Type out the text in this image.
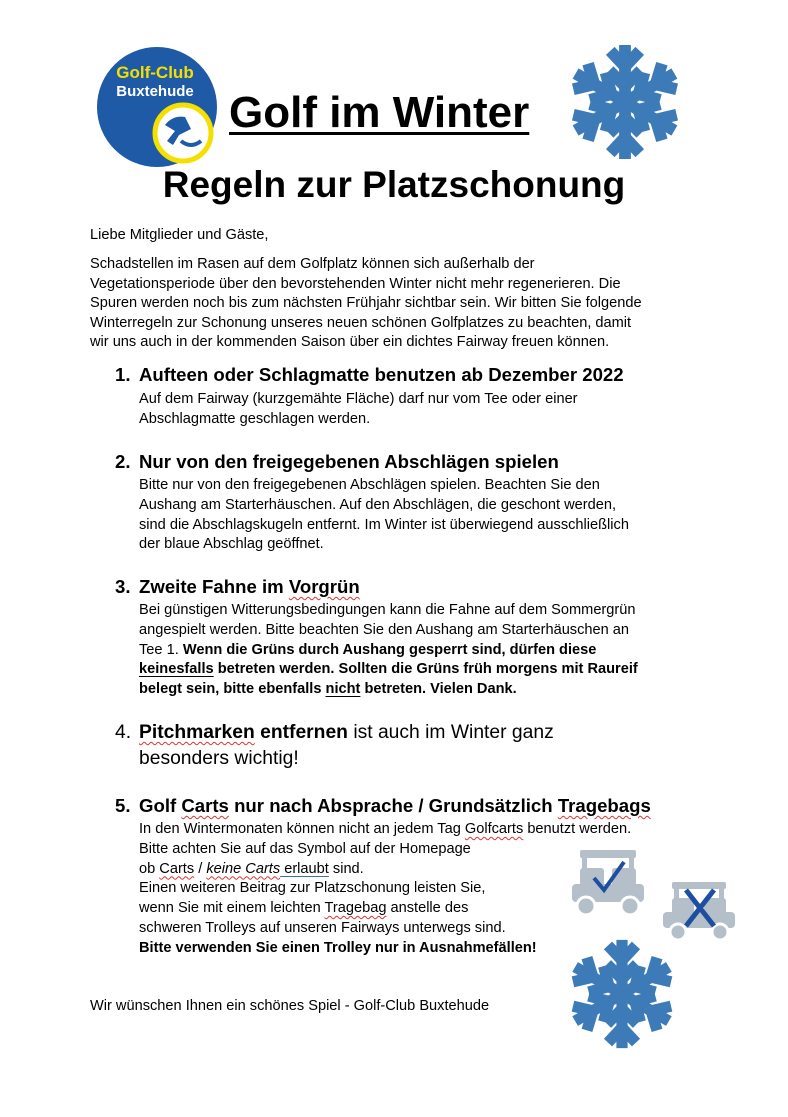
Golf-Club
Buxtehude Golf im Winter
Regeln zur Platzschonung
Liebe Mitglieder und Gäste,
Schadstellen im Rasen auf dem Golfplatz können sich außerhalb der
Vegetationsperiode über den bevorstehenden Winter nicht mehr regenerieren. Die
Spuren werden noch bis zum nächsten Frühjahr sichtbar sein. Wir bitten Sie folgende
Winterregeln zur Schonung unseres neuen schönen Golfplatzes zu beachten, damit
wir uns auch in der kommenden Saison über ein dichtes Fairway freuen können.
1. Aufteen oder Schlagmatte benutzen ab Dezember 2022
Auf dem Fairway (kurzgemähte Fläche) darf nur vom Tee oder einer
Abschlagmatte geschlagen werden.
2. Nur von den freigegebenen Abschlägen spielen
Bitte nur von den freigegebenen Abschlägen spielen. Beachten Sie den
Aushang am Starterhäuschen. Auf den Abschlägen, die geschont werden,
sind die Abschlagskugeln entfernt. Im Winter ist überwiegend ausschließlich
der blaue Abschlag geöffnet.
3. Zweite Fahne im Vorgrün
Bei günstigen Witterungsbedingungen kann die Fahne auf dem Sommergrün
angespielt werden. Bitte beachten Sie den Aushang am Starterhäuschen an
Tee 1. Wenn die Grüns durch Aushang gesperrt sind, dürfen diese
keinesfalls betreten werden. Sollten die Grüns früh morgens mit Raureif
belegt sein, bitte ebenfalls nicht betreten. Vielen Dank.
4. Pitchmarken entfernen ist auch im Winter ganz
besonders wichtig!
5. Golf Carts nur nach Absprache / Grundsätzlich Tragebags
In den Wintermonaten können nicht an jedem Tag Golfcarts benutzt werden.
Bitte achten Sie auf das Symbol auf der Homepage
ob Carts / keine Carts erlaubt sind.
Einen weiteren Beitrag zur Platzschonung leisten Sie,
wenn Sie mit einem leichten Tragebag anstelle des
schweren Trolleys auf unseren Fairways unterwegs sind.
Bitte verwenden Sie einen Trolley nur in Ausnahmefällen!
Wir wünschen Ihnen ein schönes Spiel - Golf-Club Buxtehude
